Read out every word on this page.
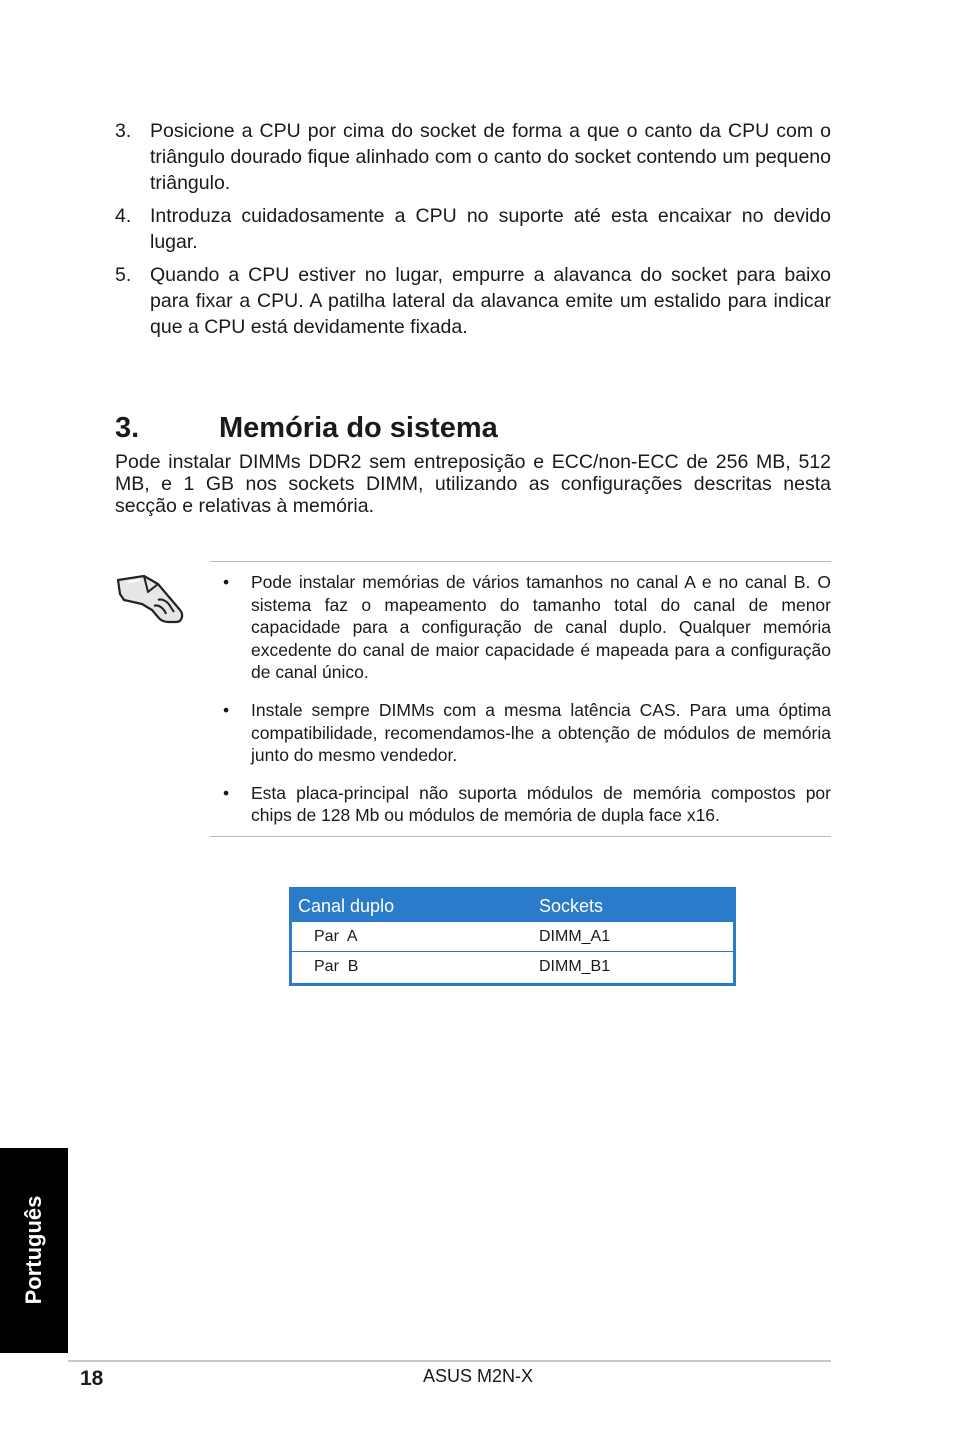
3. Posicione a CPU por cima do socket de forma a que o canto da CPU com o triângulo dourado fique alinhado com o canto do socket contendo um pequeno triângulo.
4. Introduza cuidadosamente a CPU no suporte até esta encaixar no devido lugar.
5. Quando a CPU estiver no lugar, empurre a alavanca do socket para baixo para fixar a CPU. A patilha lateral da alavanca emite um estalido para indicar que a CPU está devidamente fixada.
3.	Memória do sistema

Pode instalar DIMMs DDR2 sem entreposição e ECC/non-ECC de 256 MB, 512 MB, e 1 GB nos sockets DIMM, utilizando as configurações descritas nesta secção e relativas à memória.

• Pode instalar memórias de vários tamanhos no canal A e no canal B. O sistema faz o mapeamento do tamanho total do canal de menor capacidade para a configuração de canal duplo. Qualquer memória excedente do canal de maior capacidade é mapeada para a configuração de canal único.
• Instale sempre DIMMs com a mesma latência CAS. Para uma óptima compatibilidade, recomendamos-lhe a obtenção de módulos de memória junto do mesmo vendedor.
• Esta placa-principal não suporta módulos de memória compostos por chips de 128 Mb ou módulos de memória de dupla face x16.
Canal duplo	Sockets
Par  A	DIMM_A1
Par  B	DIMM_B1
Português
18	ASUS M2N-X
